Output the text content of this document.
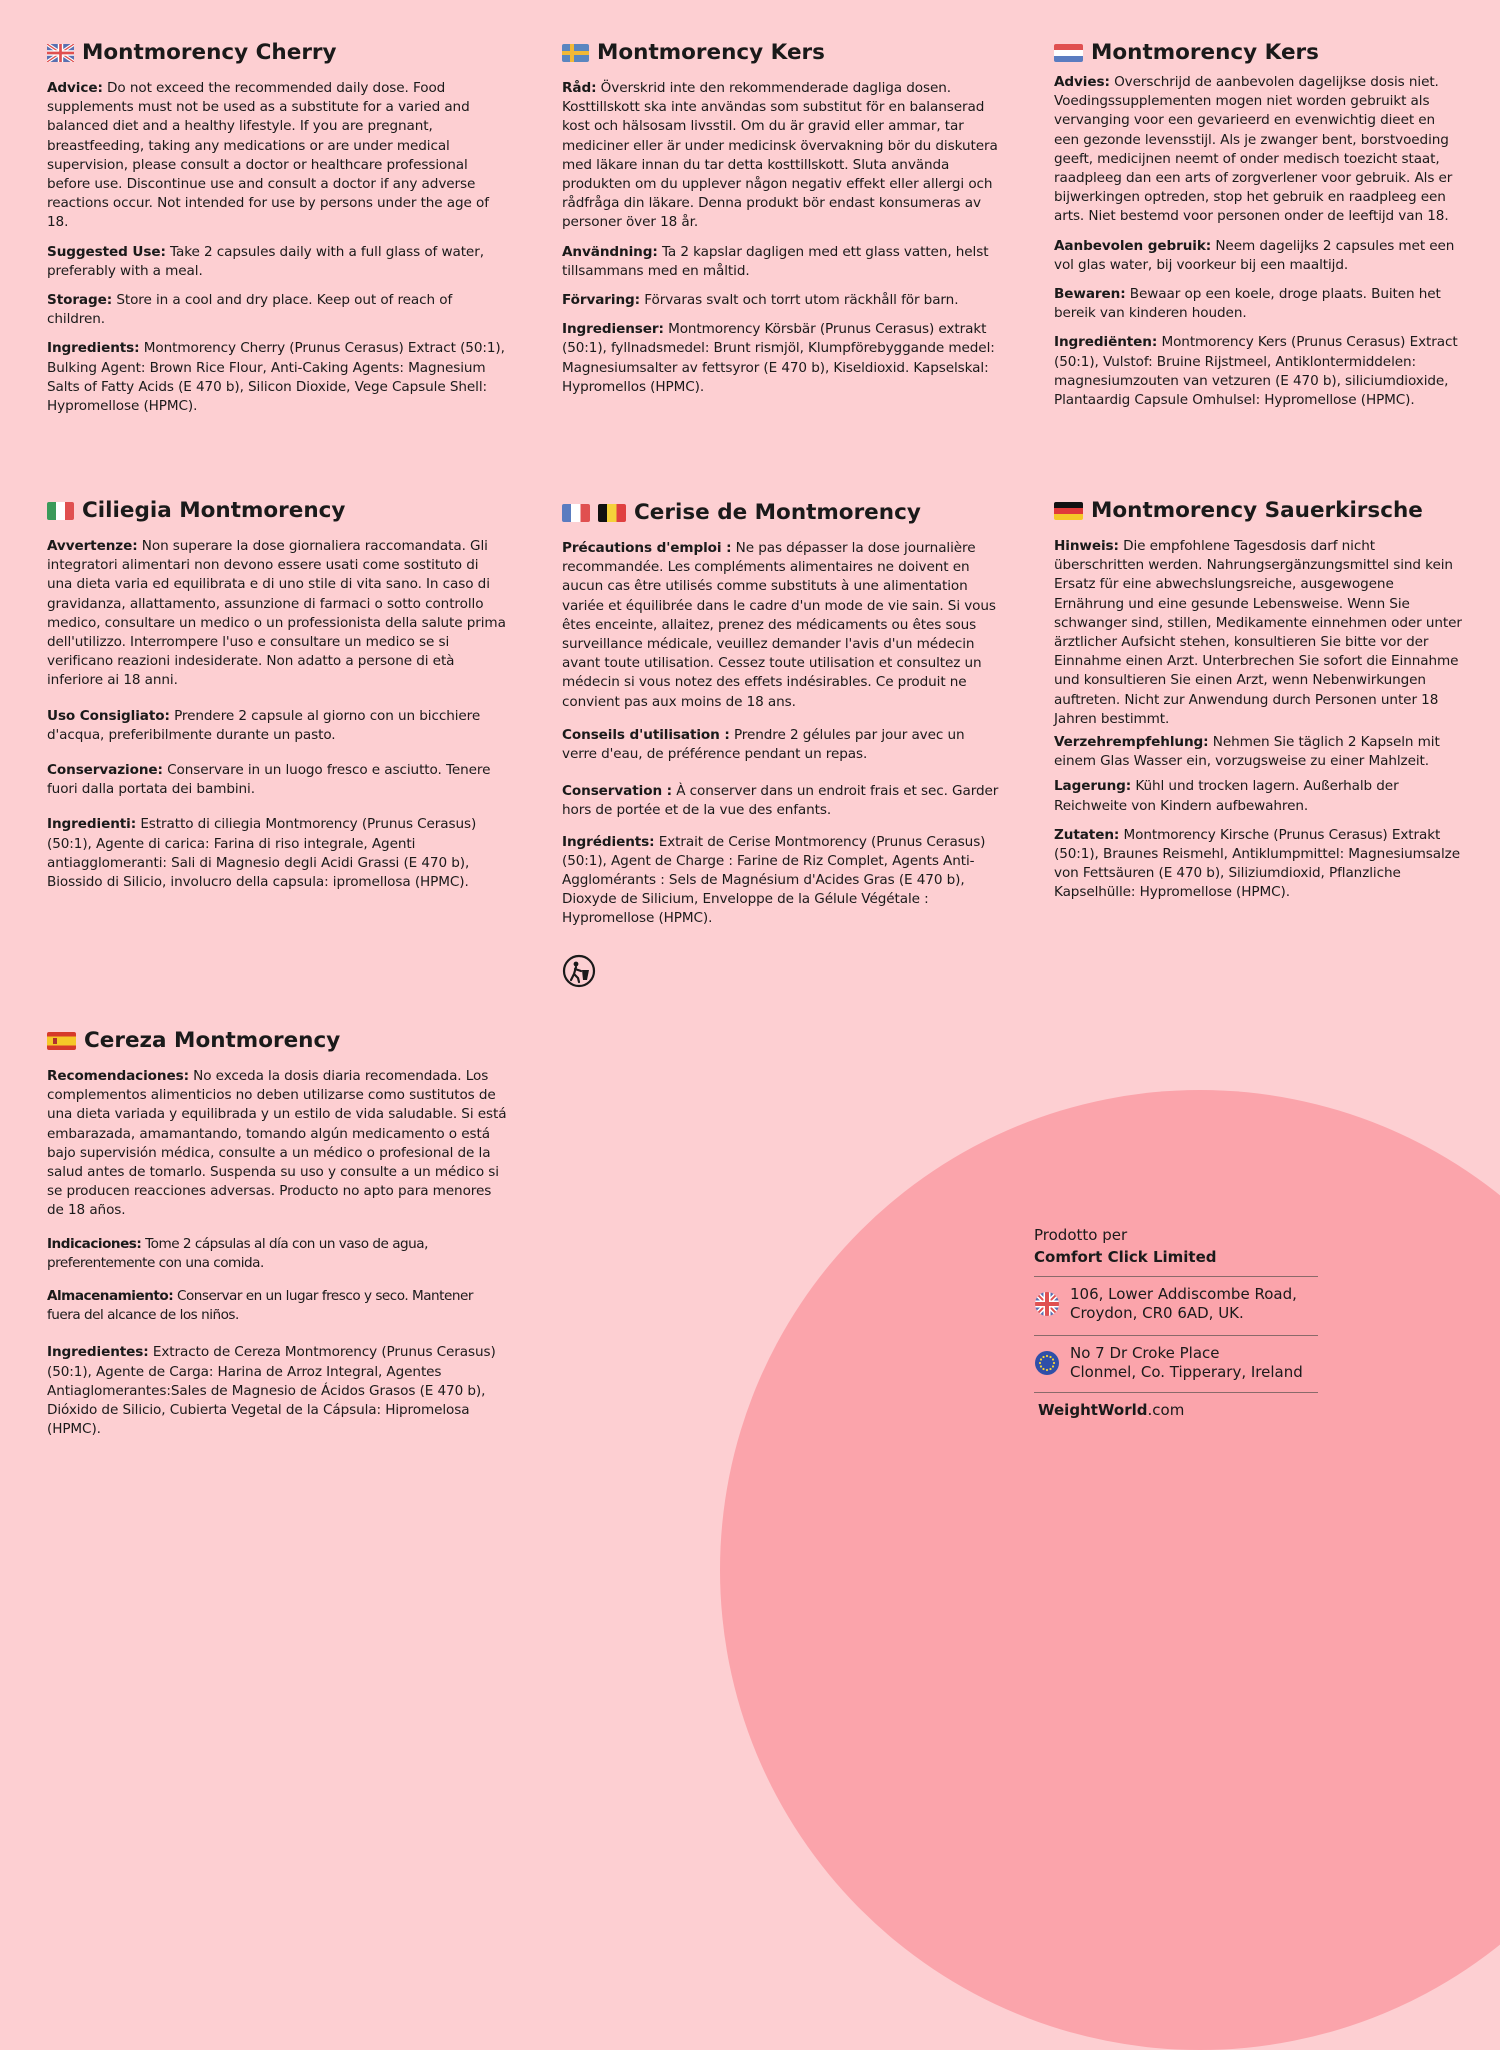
Montmorency Cherry

Advice: Do not exceed the recommended daily dose. Food supplements must not be used as a substitute for a varied and balanced diet and a healthy lifestyle. If you are pregnant, breastfeeding, taking any medications or are under medical supervision, please consult a doctor or healthcare professional before use. Discontinue use and consult a doctor if any adverse reactions occur. Not intended for use by persons under the age of 18.

Suggested Use: Take 2 capsules daily with a full glass of water, preferably with a meal.

Storage: Store in a cool and dry place. Keep out of reach of children.

Ingredients: Montmorency Cherry (Prunus Cerasus) Extract (50:1), Bulking Agent: Brown Rice Flour, Anti-Caking Agents: Magnesium Salts of Fatty Acids (E 470 b), Silicon Dioxide, Vege Capsule Shell: Hypromellose (HPMC).

Montmorency Kers

Råd: Överskrid inte den rekommenderade dagliga dosen. Kosttillskott ska inte användas som substitut för en balanserad kost och hälsosam livsstil. Om du är gravid eller ammar, tar mediciner eller är under medicinsk övervakning bör du diskutera med läkare innan du tar detta kosttillskott. Sluta använda produkten om du upplever någon negativ effekt eller allergi och rådfråga din läkare. Denna produkt bör endast konsumeras av personer över 18 år.

Användning: Ta 2 kapslar dagligen med ett glass vatten, helst tillsammans med en måltid.

Förvaring: Förvaras svalt och torrt utom räckhåll för barn.

Ingredienser: Montmorency Körsbär (Prunus Cerasus) extrakt (50:1), fyllnadsmedel: Brunt rismjöl, Klumpförebyggande medel: Magnesiumsalter av fettsyror (E 470 b), Kiseldioxid. Kapselskal: Hypromellos (HPMC).

Montmorency Kers

Advies: Overschrijd de aanbevolen dagelijkse dosis niet. Voedingssupplementen mogen niet worden gebruikt als vervanging voor een gevarieerd en evenwichtig dieet en een gezonde levensstijl. Als je zwanger bent, borstvoeding geeft, medicijnen neemt of onder medisch toezicht staat, raadpleeg dan een arts of zorgverlener voor gebruik. Als er bijwerkingen optreden, stop het gebruik en raadpleeg een arts. Niet bestemd voor personen onder de leeftijd van 18.

Aanbevolen gebruik: Neem dagelijks 2 capsules met een vol glas water, bij voorkeur bij een maaltijd.

Bewaren: Bewaar op een koele, droge plaats. Buiten het bereik van kinderen houden.

Ingrediënten: Montmorency Kers (Prunus Cerasus) Extract (50:1), Vulstof: Bruine Rijstmeel, Antiklontermiddelen: magnesiumzouten van vetzuren (E 470 b), siliciumdioxide, Plantaardig Capsule Omhulsel: Hypromellose (HPMC).

Ciliegia Montmorency

Avvertenze: Non superare la dose giornaliera raccomandata. Gli integratori alimentari non devono essere usati come sostituto di una dieta varia ed equilibrata e di uno stile di vita sano. In caso di gravidanza, allattamento, assunzione di farmaci o sotto controllo medico, consultare un medico o un professionista della salute prima dell'utilizzo. Interrompere l'uso e consultare un medico se si verificano reazioni indesiderate. Non adatto a persone di età inferiore ai 18 anni.

Uso Consigliato: Prendere 2 capsule al giorno con un bicchiere d'acqua, preferibilmente durante un pasto.

Conservazione: Conservare in un luogo fresco e asciutto. Tenere fuori dalla portata dei bambini.

Ingredienti: Estratto di ciliegia Montmorency (Prunus Cerasus) (50:1), Agente di carica: Farina di riso integrale, Agenti antiagglomeranti: Sali di Magnesio degli Acidi Grassi (E 470 b), Biossido di Silicio, involucro della capsula: ipromellosa (HPMC).

Cerise de Montmorency

Précautions d'emploi : Ne pas dépasser la dose journalière recommandée. Les compléments alimentaires ne doivent en aucun cas être utilisés comme substituts à une alimentation variée et équilibrée dans le cadre d'un mode de vie sain. Si vous êtes enceinte, allaitez, prenez des médicaments ou êtes sous surveillance médicale, veuillez demander l'avis d'un médecin avant toute utilisation. Cessez toute utilisation et consultez un médecin si vous notez des effets indésirables. Ce produit ne convient pas aux moins de 18 ans.

Conseils d'utilisation : Prendre 2 gélules par jour avec un verre d'eau, de préférence pendant un repas.

Conservation : À conserver dans un endroit frais et sec. Garder hors de portée et de la vue des enfants.

Ingrédients: Extrait de Cerise Montmorency (Prunus Cerasus) (50:1), Agent de Charge : Farine de Riz Complet, Agents Anti-Agglomérants : Sels de Magnésium d'Acides Gras (E 470 b), Dioxyde de Silicium, Enveloppe de la Gélule Végétale : Hypromellose (HPMC).

Montmorency Sauerkirsche

Hinweis: Die empfohlene Tagesdosis darf nicht überschritten werden. Nahrungsergänzungsmittel sind kein Ersatz für eine abwechslungsreiche, ausgewogene Ernährung und eine gesunde Lebensweise. Wenn Sie schwanger sind, stillen, Medikamente einnehmen oder unter ärztlicher Aufsicht stehen, konsultieren Sie bitte vor der Einnahme einen Arzt. Unterbrechen Sie sofort die Einnahme und konsultieren Sie einen Arzt, wenn Nebenwirkungen auftreten. Nicht zur Anwendung durch Personen unter 18 Jahren bestimmt.

Verzehrempfehlung: Nehmen Sie täglich 2 Kapseln mit einem Glas Wasser ein, vorzugsweise zu einer Mahlzeit.

Lagerung: Kühl und trocken lagern. Außerhalb der Reichweite von Kindern aufbewahren.

Zutaten: Montmorency Kirsche (Prunus Cerasus) Extrakt (50:1), Braunes Reismehl, Antiklumpmittel: Magnesiumsalze von Fettsäuren (E 470 b), Siliziumdioxid, Pflanzliche Kapselhülle: Hypromellose (HPMC).

Cereza Montmorency

Recomendaciones: No exceda la dosis diaria recomendada. Los complementos alimenticios no deben utilizarse como sustitutos de una dieta variada y equilibrada y un estilo de vida saludable. Si está embarazada, amamantando, tomando algún medicamento o está bajo supervisión médica, consulte a un médico o profesional de la salud antes de tomarlo. Suspenda su uso y consulte a un médico si se producen reacciones adversas. Producto no apto para menores de 18 años.

Indicaciones: Tome 2 cápsulas al día con un vaso de agua, preferentemente con una comida.

Almacenamiento: Conservar en un lugar fresco y seco. Mantener fuera del alcance de los niños.

Ingredientes: Extracto de Cereza Montmorency (Prunus Cerasus) (50:1), Agente de Carga: Harina de Arroz Integral, Agentes Antiaglomerantes:Sales de Magnesio de Ácidos Grasos (E 470 b), Dióxido de Silicio, Cubierta Vegetal de la Cápsula: Hipromelosa (HPMC).

Prodotto per
Comfort Click Limited
106, Lower Addiscombe Road,
Croydon, CR0 6AD, UK.
No 7 Dr Croke Place
Clonmel, Co. Tipperary, Ireland
WeightWorld.com
